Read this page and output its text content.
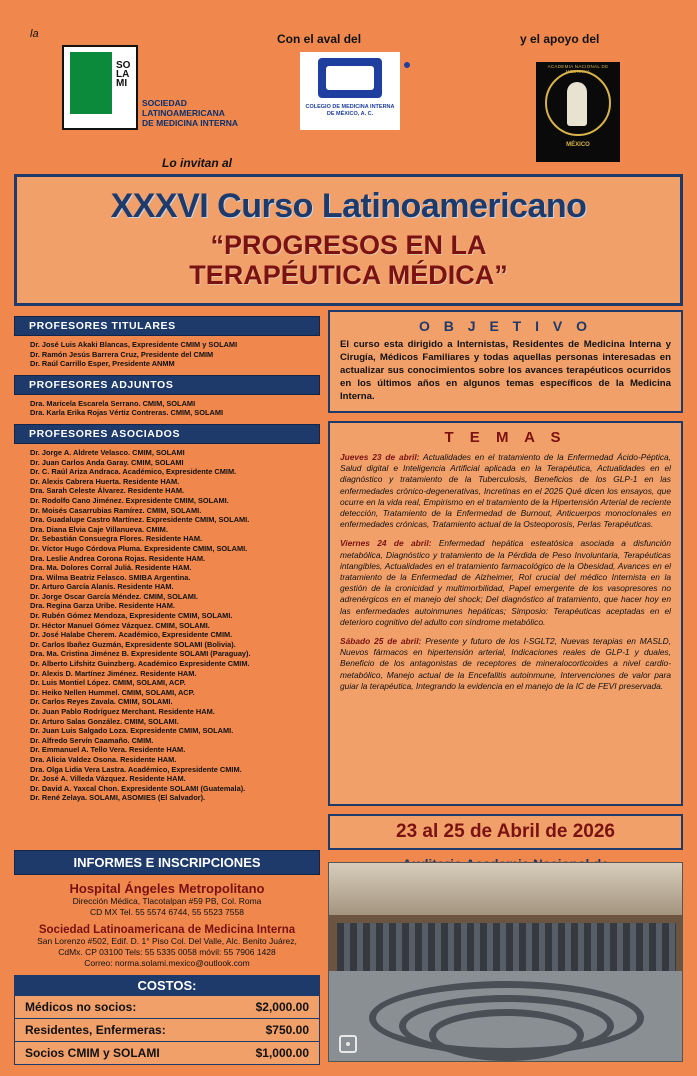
la	Con el aval del	y el apoyo del
SO
LA
MI
SOCIEDAD
LATINOAMERICANA
DE MEDICINA INTERNA
COLEGIO DE MEDICINA INTERNA DE MÉXICO, A. C.
ACADEMIA NACIONAL DE MEDICINA
MÉXICO
Lo invitan al
XXXVI Curso Latinoamericano
“PROGRESOS EN LA
TERAPÉUTICA MÉDICA”
PROFESORES TITULARES
Dr. José Luis Akaki Blancas, Expresidente CMIM y SOLAMI
Dr. Ramón Jesús Barrera Cruz, Presidente del CMIM
Dr. Raúl Carrillo Esper, Presidente ANMM
PROFESORES ADJUNTOS
Dra. Maricela Escarela Serrano. CMIM, SOLAMI
Dra. Karla Erika Rojas Vértiz Contreras. CMIM, SOLAMI
PROFESORES ASOCIADOS
Dr. Jorge A. Aldrete Velasco. CMIM, SOLAMI
Dr. Juan Carlos Anda Garay. CMIM, SOLAMI
Dr. C. Raúl Ariza Andraca. Académico, Expresidente CMIM.
Dr. Alexis Cabrera Huerta. Residente HAM.
Dra. Sarah Celeste Álvarez. Residente HAM.
Dr. Rodolfo Cano Jiménez. Expresidente CMIM, SOLAMI.
Dr. Moisés Casarrubias Ramírez. CMIM, SOLAMI.
Dra. Guadalupe Castro Martínez. Expresidente CMIM, SOLAMI.
Dra. Diana Elvia Caje Villanueva. CMIM.
Dr. Sebastián Consuegra Flores. Residente HAM.
Dr. Víctor Hugo Córdova Pluma. Expresidente CMIM, SOLAMI.
Dra. Leslie Andrea Corona Rojas. Residente HAM.
Dra. Ma. Dolores Corral Juliá. Residente HAM.
Dra. Wilma Beatriz Felasco. SMIBA Argentina.
Dr. Arturo García Alanís. Residente HAM.
Dr. Jorge Oscar García Méndez. CMIM, SOLAMI.
Dra. Regina Garza Uribe. Residente HAM.
Dr. Rubén Gómez Mendoza, Expresidente CMIM, SOLAMI.
Dr. Héctor Manuel Gómez Vázquez. CMIM, SOLAMI.
Dr. José Halabe Cherem. Académico, Expresidente CMIM.
Dr. Carlos Ibañez Guzmán, Expresidente SOLAMI (Bolivia).
Dra. Ma. Cristina Jiménez B. Expresidente SOLAMI (Paraguay).
Dr. Alberto Lifshitz Guinzberg. Académico Expresidente CMIM.
Dr. Alexis D. Martínez Jiménez. Residente HAM.
Dr. Luis Montiel López. CMIM, SOLAMI, ACP.
Dr. Heiko Nellen Hummel. CMIM, SOLAMI, ACP.
Dr. Carlos Reyes Zavala. CMIM, SOLAMI.
Dr. Juan Pablo Rodríguez Merchant. Residente HAM.
Dr. Arturo Salas González. CMIM, SOLAMI.
Dr. Juan Luis Salgado Loza. Expresidente CMIM, SOLAMI.
Dr. Alfredo Servín Caamaño. CMIM.
Dr. Emmanuel A. Tello Vera. Residente HAM.
Dra. Alicia Valdez Osona. Residente HAM.
Dra. Olga Lidia Vera Lastra. Académico, Expresidente CMIM.
Dr. José A. Villeda Vázquez. Residente HAM.
Dr. David A. Yaxcal Chon. Expresidente SOLAMI (Guatemala).
Dr. René Zelaya. SOLAMI, ASOMIES (El Salvador).
O B J E T I V O
El curso esta dirigido a Internistas, Residentes de Medicina Interna y Cirugía, Médicos Familiares y todas aquellas personas interesadas en actualizar sus conocimientos sobre los avances terapéuticos ocurridos en los últimos años en algunos temas específicos de la Medicina Interna.
T E M A S
Jueves 23 de abril: Actualidades en el tratamiento de la Enfermedad Ácido-Péptica, Salud digital e Inteligencia Artificial aplicada en la Terapéutica, Actualidades en el diagnóstico y tratamiento de la Tuberculosis, Beneficios de los GLP-1 en las enfermedades crónico-degenerativas, Incretinas en el 2025 Qué dicen los ensayos, que ocurre en la vida real, Empirismo en el tratamiento de la Hipertensión Arterial de reciente detección, Tratamiento de la Enfermedad de Burnout, Anticuerpos monoclonales en enfermedades crónicas, Tratamiento actual de la Osteoporosis, Perlas Terapéuticas.
Viernes 24 de abril: Enfermedad hepática esteatósica asociada a disfunción metabólica, Diagnóstico y tratamiento de la Pérdida de Peso Involuntaria, Terapéuticas intangibles, Actualidades en el tratamiento farmacológico de la Obesidad, Avances en el tratamiento de la Enfermedad de Alzheimer, Rol crucial del médico Internista en la gestión de la cronicidad y multimorbilidad, Papel emergente de los vasopresores no adrenérgicos en el manejo del shock; Del diagnóstico al tratamiento, que hacer hoy en las enfermedades autoinmunes hepáticas; Simposio: Terapéuticas aceptadas en el deterioro cognitivo del adulto con síndrome metabólico.
Sábado 25 de abril: Presente y futuro de los I-SGLT2, Nuevas terapias en MASLD, Nuevos fármacos en hipertensión arterial, Indicaciones reales de GLP-1 y duales, Beneficio de los antagonistas de receptores de mineralocorticoides a nivel cardio-metabólico, Manejo actual de la Encefalitis autoinmune, Intervenciones de valor para guiar la terapéutica, Integrando la evidencia en el manejo de la IC de FEVI preservada.
23 al 25 de Abril de 2026
INFORMES E INSCRIPCIONES
Hospital Ángeles Metropolitano
Dirección Médica, Tlacotalpan #59 PB, Col. Roma
CD MX Tel. 55 5574 6744, 55 5523 7558
Sociedad Latinoamericana de Medicina Interna
San Lorenzo #502, Edif. D. 1° Piso Col. Del Valle, Alc. Benito Juárez,
CdMx. CP 03100 Tels: 55 5335 0058 móvil: 55 7906 1428
Correo: norma.solami.mexico@outlook.com
COSTOS:
Médicos no socios:	$2,000.00
Residentes, Enfermeras:	$750.00
Socios CMIM y SOLAMI	$1,000.00
